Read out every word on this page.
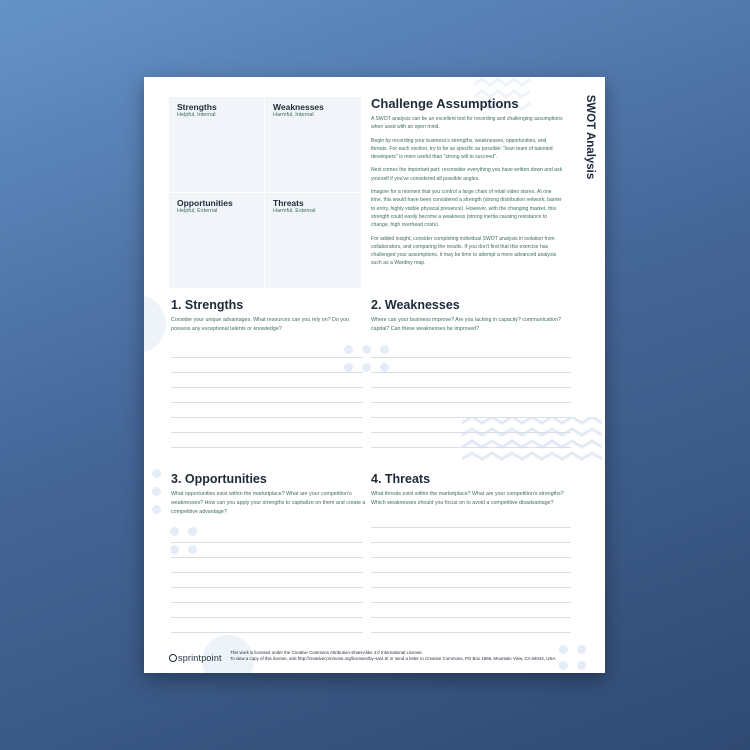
Strengths
Helpful, Internal
Weaknesses
Harmful, Internal
Opportunities
Helpful, External
Threats
Harmful, External
Challenge Assumptions

A SWOT analysis can be an excellent tool for recording and challenging assumptions when used with an open mind.

Begin by recording your business's strengths, weaknesses, opportunities, and threats. For each section, try to be as specific as possible: "lean team of talented developers" is more useful than "strong will to succeed".

Next comes the important part: reconsider everything you have written down and ask yourself if you've considered all possible angles.

Imagine for a moment that you control a large chain of retail video stores. At one time, this would have been considered a strength (strong distribution network, barrier to entry, highly visible physical presence). However, with the changing market, this strength could easily become a weakness (strong inertia causing resistance to change, high overhead costs).

For added insight, consider completing individual SWOT analysis in isolation from collaborators, and comparing the results. If you don't find that this exercise has challenged your assumptions, it may be time to attempt a more advanced analysis such as a Wardley map.

SWOT Analysis
1. Strengths
Consider your unique advantages. What resources can you rely on? Do you possess any exceptional talents or knowledge?
2. Weaknesses
Where can your business improve? Are you lacking in capacity? communication? capital? Can these weaknesses be improved?
3. Opportunities
What opportunities exist within the marketplace? What are your competition's weaknesses? How can you apply your strengths to capitalize on them and create a competitive advantage?
4. Threats
What threats exist within the marketplace? What are your competition's strengths? Which weaknesses should you focus on to avoid a competitive disadvantage?
sprintpoint
This work is licensed under the Creative Commons Attribution-ShareAlike 4.0 International License.
To view a copy of this license, visit http://creativecommons.org/licenses/by-sa/4.0/ or send a letter to Creative Commons, PO Box 1866, Mountain View, CA 94042, USA.
